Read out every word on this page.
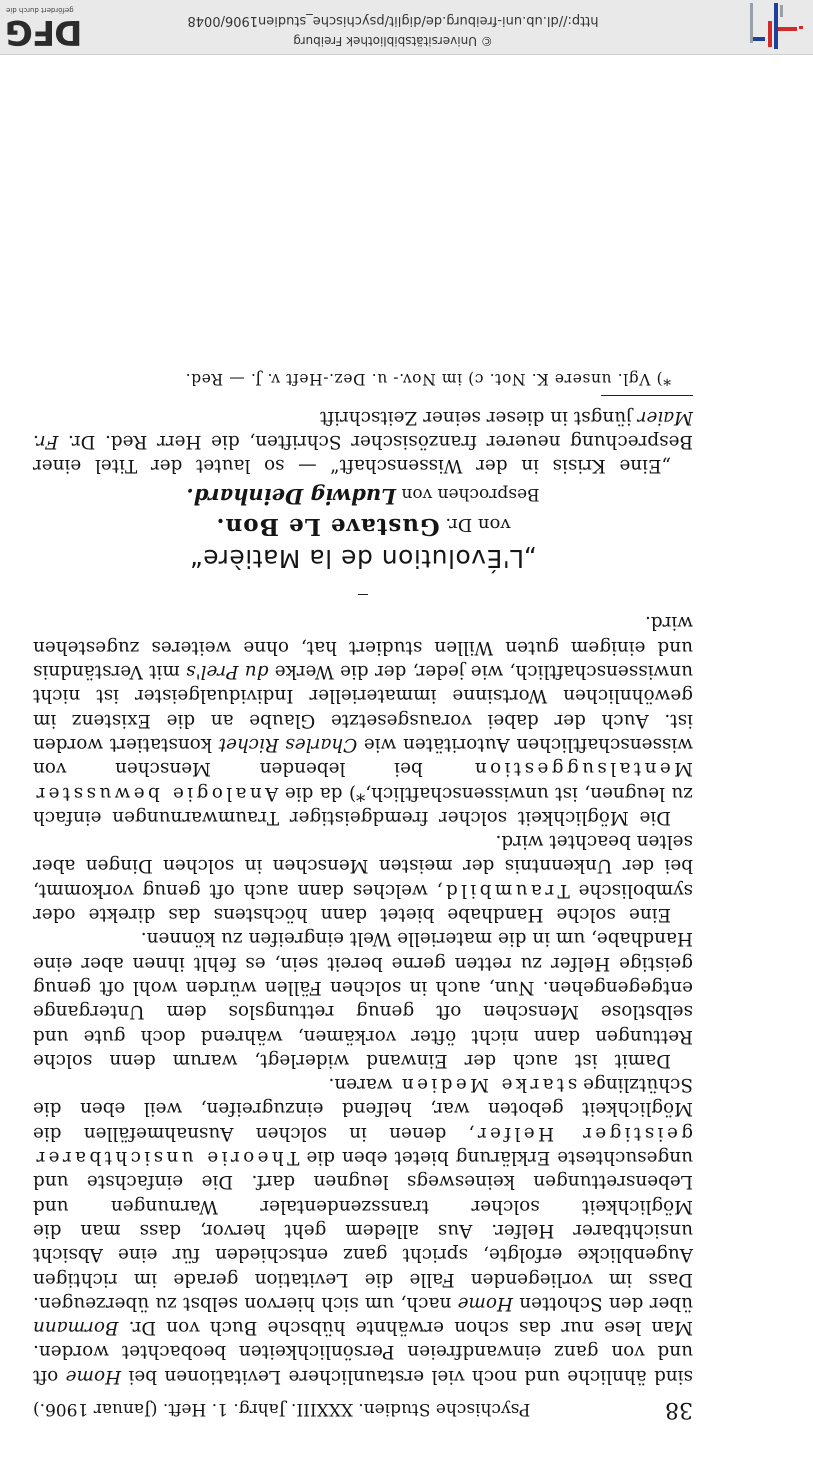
38
Psychische Studien. XXXIII. Jahrg. 1. Heft. (Januar 1906.)

sind ähnliche und noch viel erstaunlichere Levitationen bei Home oft und von ganz einwandfreien Persönlichkeiten beobachtet worden. Man lese nur das schon erwähnte hübsche Buch von Dr. Bormann über den Schotten Home nach, um sich hiervon selbst zu überzeugen. Dass im vorliegenden Falle die Levitation gerade im richtigen Augenblicke erfolgte, spricht ganz entschieden für eine Absicht unsichtbarer Helfer. Aus alledem geht hervor, dass man die Möglichkeit solcher transszendentaler Warnungen und Lebensrettungen keineswegs leugnen darf. Die einfachste und ungesuchteste Erklärung bietet eben die Theorie unsichtbarer geistiger Helfer, denen in solchen Ausnahmefällen die Möglichkeit geboten war, helfend einzugreifen, weil eben die Schützlinge starke Medien waren.

Damit ist auch der Einwand widerlegt, warum denn solche Rettungen dann nicht öfter vorkämen, während doch gute und selbstlose Menschen oft genug rettungslos dem Untergange entgegengehen. Nun, auch in solchen Fällen würden wohl oft genug geistige Helfer zu retten gerne bereit sein, es fehlt ihnen aber eine Handhabe, um in die materielle Welt eingreifen zu können.

Eine solche Handhabe bietet dann höchstens das direkte oder symbolische Traumbild, welches dann auch oft genug vorkommt, bei der Unkenntnis der meisten Menschen in solchen Dingen aber selten beachtet wird.

Die Möglichkeit solcher fremdgeistiger Traumwarnungen einfach zu leugnen, ist unwissenschaftlich,*) da die Analogie bewusster Mentalsuggestion bei lebenden Menschen von wissenschaftlichen Autoritäten wie Charles Richet konstatiert worden ist. Auch der dabei vorausgesetzte Glaube an die Existenz im gewöhnlichen Wortsinne immaterieller Individualgeister ist nicht unwissenschaftlich, wie jeder, der die Werke du Prel's mit Verständnis und einigem guten Willen studiert hat, ohne weiteres zugestehen wird.

„L'Évolution de la Matière“
von Dr. Gustave Le Bon.
Besprochen von Ludwig Deinhard.

„Eine Krisis in der Wissenschaft“ — so lautet der Titel einer Besprechung neuerer französischer Schriften, die Herr Red. Dr. Fr. Maier jüngst in dieser seiner Zeitschrift

*) Vgl. unsere K. Not. c) im Nov.- u. Dez.-Heft v. J. — Red.

© Universitätsbibliothek Freiburg
http://dl.ub.uni-freiburg.de/diglit/psychische_studien1906/0048
DFG
gefördert durch die
